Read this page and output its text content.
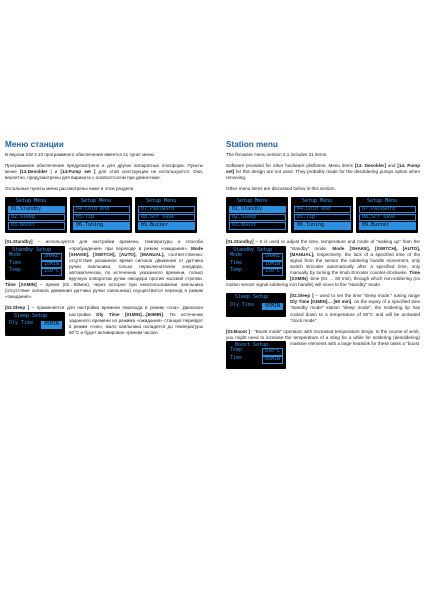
Меню станции
В версии SW 2.10 программного обеспечения имеется 21 пункт меню.
Программное обеспечение предусмотрено и для других аппаратных платформ. Пункты меню [13.Desolder ] и [14.Pump set ] для этой конструкции не используются. Они, вероятно, предусмотрены для варианта с оловоотсосом при демонтаже.
Остальные пункты меню рассмотрены ниже в этом разделе.
Setup Menu
01.Standby
02.Sleep
03.Boost
Setup Menu
04.Cold end
05.Tip
06.Tuning
Setup Menu
07.Password
08.Scr save
09.Buzzer
[01.Standby] – используется для настройки времени, температуры и способа «пробуждения» при переходе в режим «ожидания».
Standby Setup
Mode	SHAKE
Time	10MIN
Temp	150°C
Mode [SHAKE], [SWITCH], [AUTO], [MANUAL], соответственно: отсутствие указанное время сигнала движения от датчика ручки паяльника, только переключателем энкодера, автоматически, по истечению указанного времени, только вручную поворотом ручки энкодера против часовой стрелки. Time [XXMIN] – время (01…60мин), через которое при неиспользовании паяльника (отсутствие сигнала движения датчика ручки паяльника) осуществится переход в режим «ожидания».
[02.Sleep ] – применяется для настройки времени перехода в режим «сна». Диапазон настройки
Sleep Setup
Dly Time	05MIN
Dly Time [01MIN]…[60MIN]. По истечении заданного времени из режима «ожидания» станция перейдет в режим «сна», жало паяльника охладится до температуры 50°C и будет активирован «режим часов».
Station menu
The firmware menu version 2.1 includes 21 items.
Software provided for other hardware platforms. Menu items [13. Desolder] and [14. Pump set] for this design are not used. They probably made for the desoldering pumps option when removing.
Other menu items are discussed below in this section.
Setup Menu
01.Standby
02.Sleep
03.Boost
Setup Menu
04.Cold end
05.Tip
06.Tuning
Setup Menu
07.Password
08.Scr save
09.Buzzer
[01.Standby] – It is used to adjust the time, temperature and mode of "waking up" from the "standby" mode.
Standby Setup
Mode	SHAKE
Time	10MIN
Temp	150°C
Mode [SHAKE], [SWITCH], [AUTO], [MANUAL], respectively: the lack of a specified time of the signal from the sensor the soldering handle movement, only switch Encoder automatically after a specified time, only manually by turning the knob Encoder counter-clockwise. Time [XXMIN] -time (01 … 60 min), through which non-soldering (no motion sensor signal soldering iron handle) will move to the "standby" mode.
[02.Sleep ] – used to set the time "sleep mode." tuning range
Sleep Setup
Dly Time	05MIN
Dly Time [01MIN]… [60 min]. on the expiry of a specified time "standby mode" station "sleep mode", the soldering tip has cooled down to a temperature of 50°C and will be activated "clock mode".
[03.Boost ] - "Boost mode" operation with increased temperature stings. In the course of work, you might need to increase the temperature of a sting for a while for soldering (desoldering) massive elements with a large heatsink for these tasks a "boost
Boost Setup
Temp	030°C
Time	05MIN
